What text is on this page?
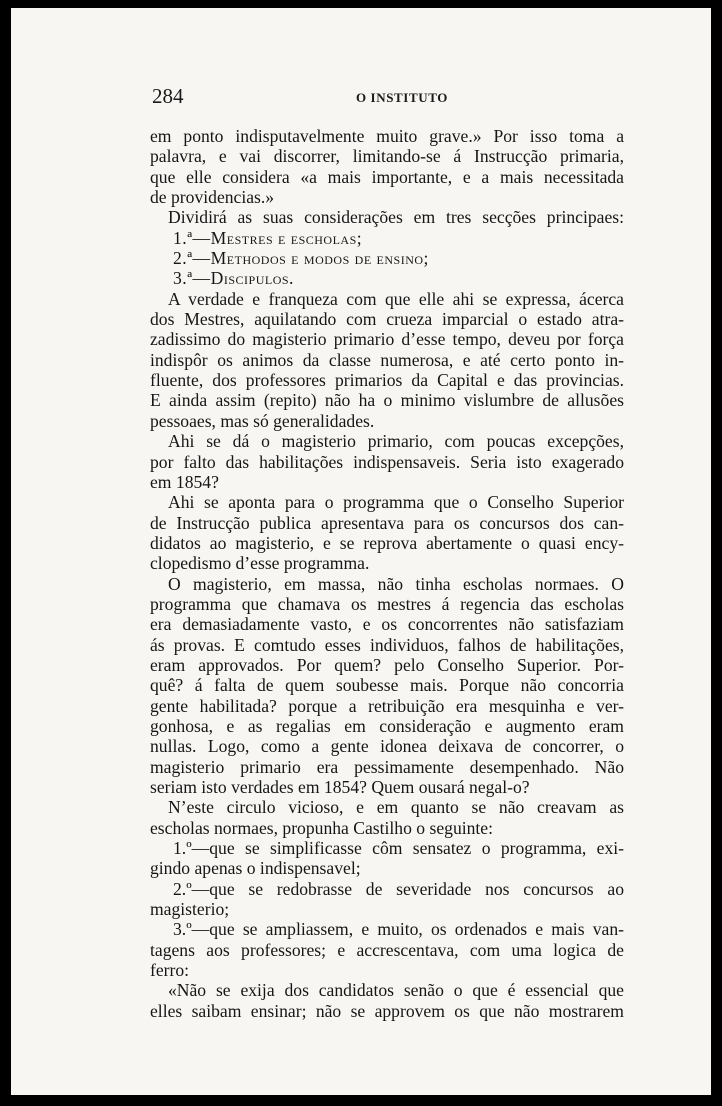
284	O INSTITUTO
em ponto indisputavelmente muito grave.» Por isso toma a
palavra, e vai discorrer, limitando-se á Instrucção primaria,
que elle considera «a mais importante, e a mais necessitada
de providencias.»
Dividirá as suas considerações em tres secções principaes:
1.ª—Mestres e escholas;
2.ª—Methodos e modos de ensino;
3.ª—Discipulos.
A verdade e franqueza com que elle ahi se expressa, ácerca
dos Mestres, aquilatando com crueza imparcial o estado atra-
zadissimo do magisterio primario d’esse tempo, deveu por força
indispôr os animos da classe numerosa, e até certo ponto in-
fluente, dos professores primarios da Capital e das provincias.
E ainda assim (repito) não ha o minimo vislumbre de allusões
pessoaes, mas só generalidades.
Ahi se dá o magisterio primario, com poucas excepções,
por falto das habilitações indispensaveis. Seria isto exagerado
em 1854?
Ahi se aponta para o programma que o Conselho Superior
de Instrucção publica apresentava para os concursos dos can-
didatos ao magisterio, e se reprova abertamente o quasi ency-
clopedismo d’esse programma.
O magisterio, em massa, não tinha escholas normaes. O
programma que chamava os mestres á regencia das escholas
era demasiadamente vasto, e os concorrentes não satisfaziam
ás provas. E comtudo esses individuos, falhos de habilitações,
eram approvados. Por quem? pelo Conselho Superior. Por-
quê? á falta de quem soubesse mais. Porque não concorria
gente habilitada? porque a retribuição era mesquinha e ver-
gonhosa, e as regalias em consideração e augmento eram
nullas. Logo, como a gente idonea deixava de concorrer, o
magisterio primario era pessimamente desempenhado. Não
seriam isto verdades em 1854? Quem ousará negal-o?
N’este circulo vicioso, e em quanto se não creavam as
escholas normaes, propunha Castilho o seguinte:
1.º—que se simplificasse côm sensatez o programma, exi-
gindo apenas o indispensavel;
2.º—que se redobrasse de severidade nos concursos ao
magisterio;
3.º—que se ampliassem, e muito, os ordenados e mais van-
tagens aos professores; e accrescentava, com uma logica de
ferro:
«Não se exija dos candidatos senão o que é essencial que
elles saibam ensinar; não se approvem os que não mostrarem
